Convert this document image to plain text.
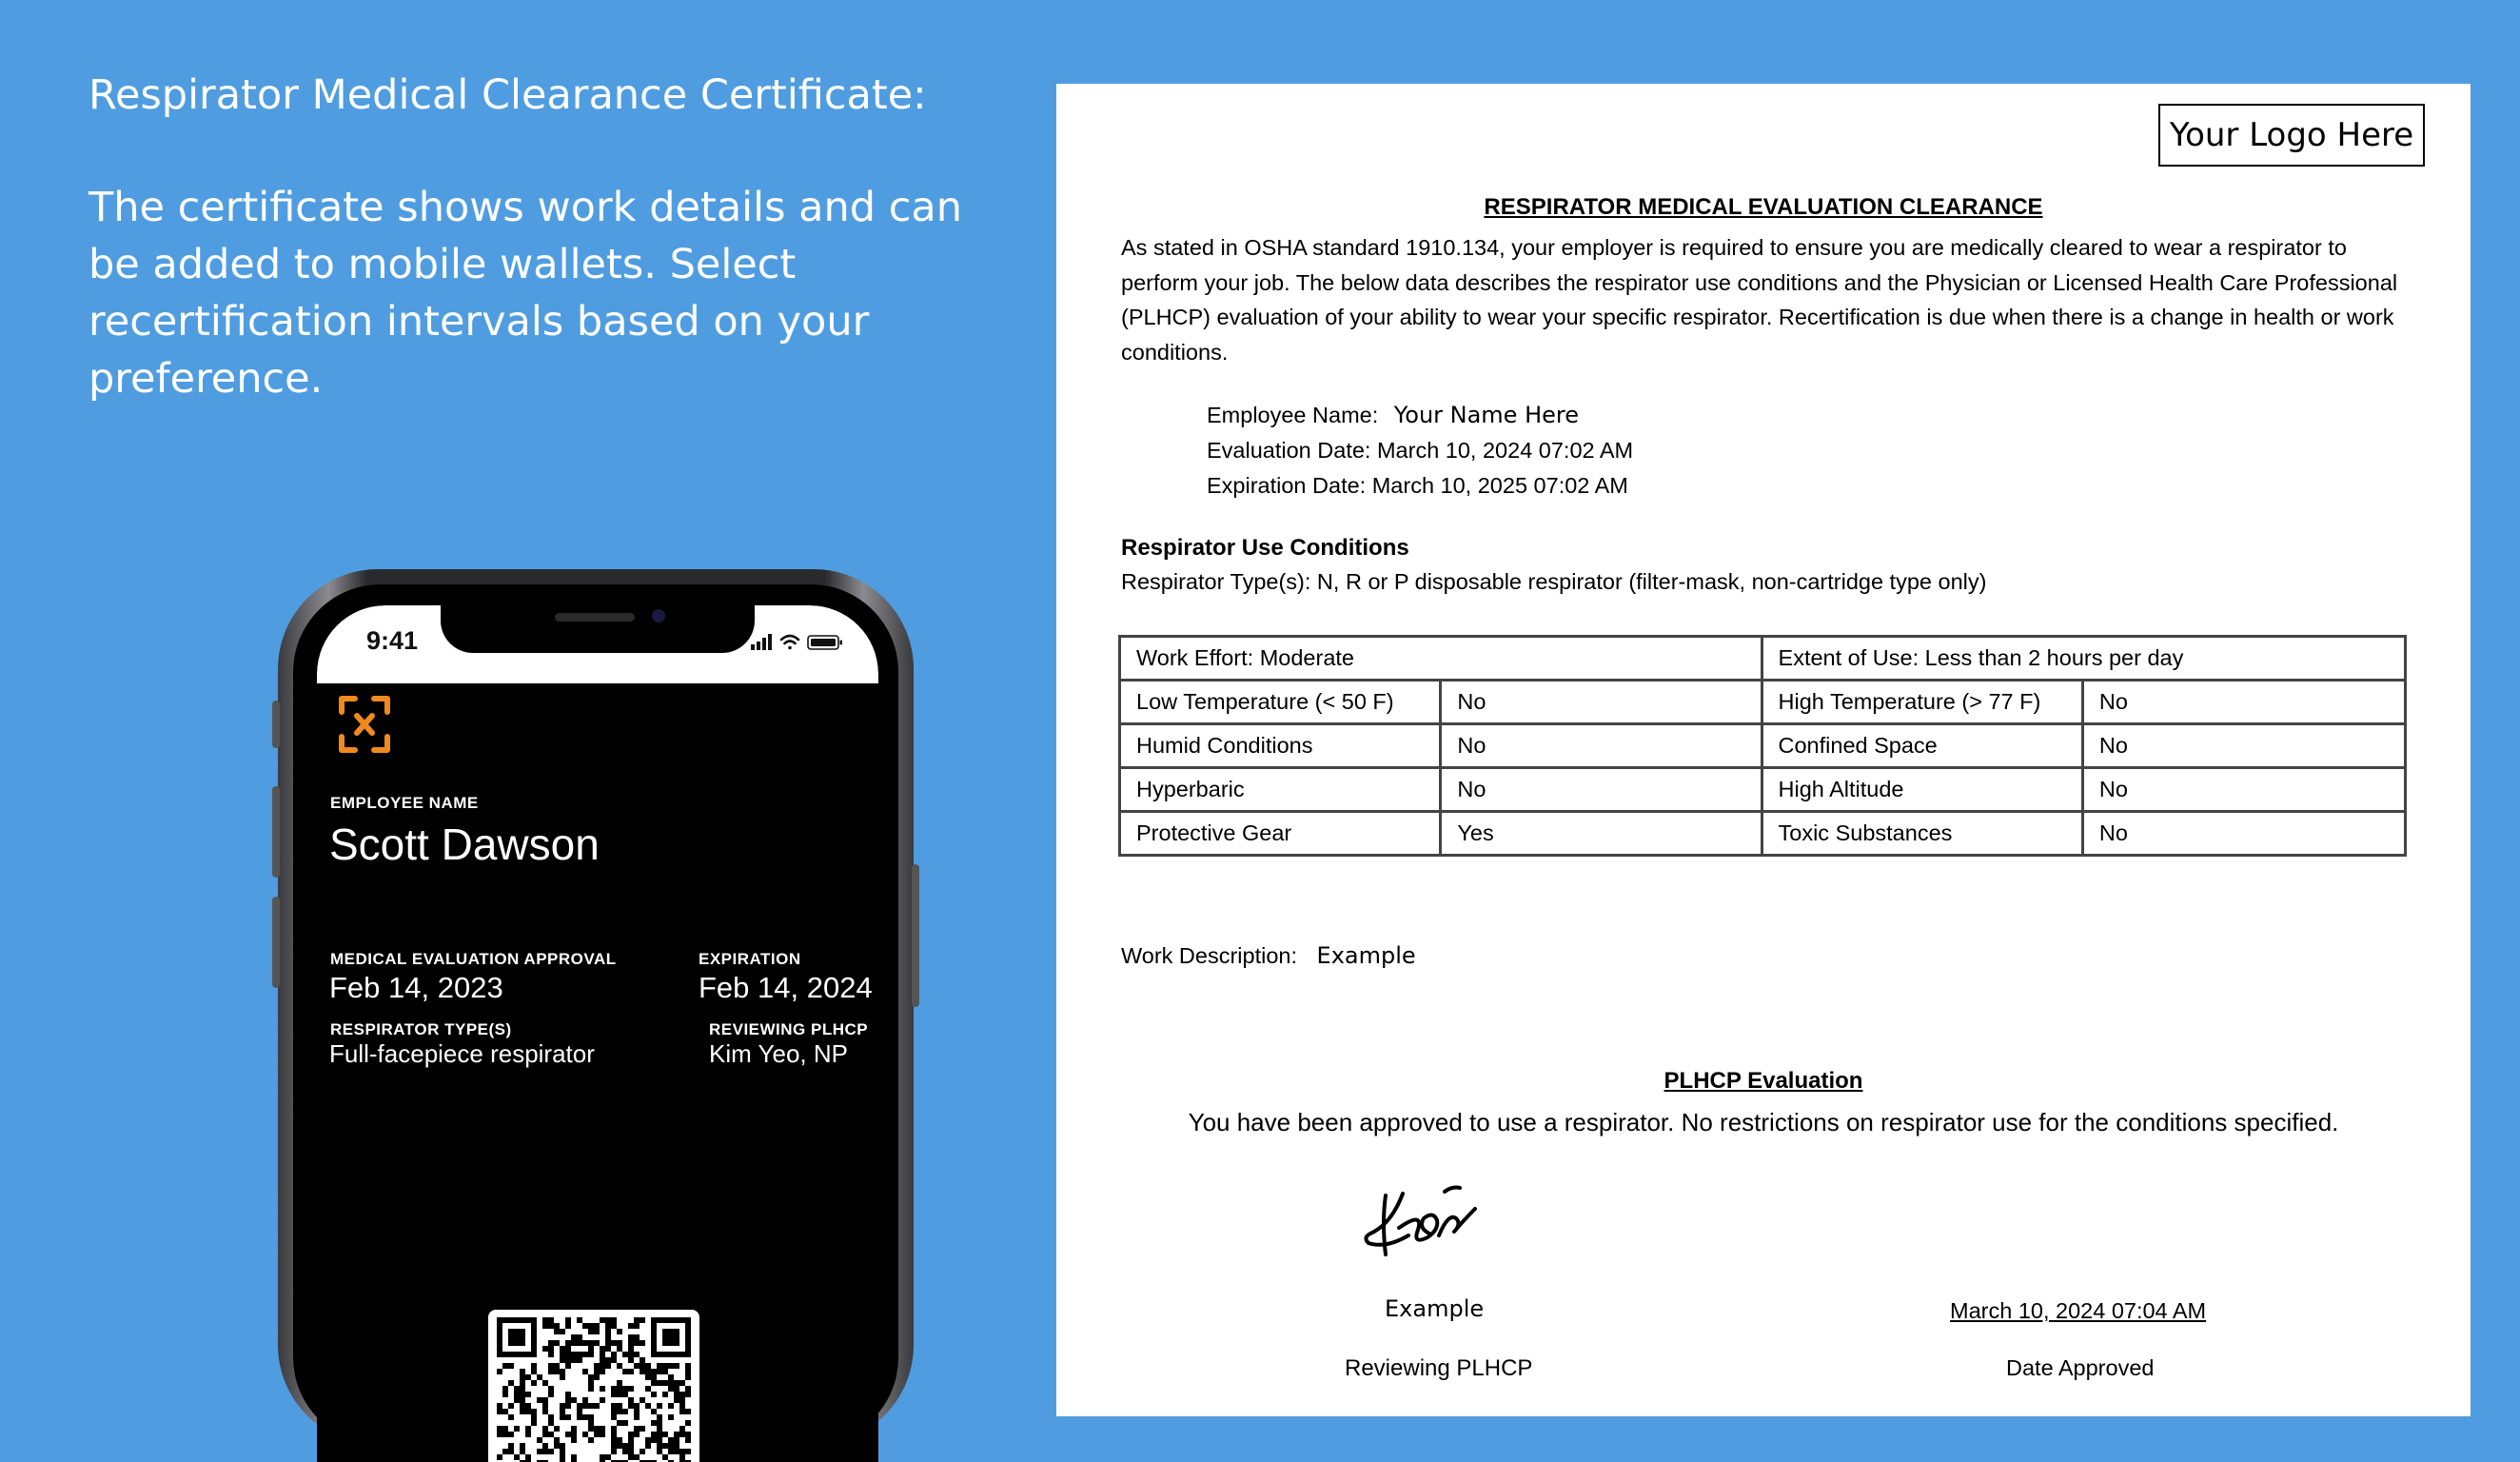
Respirator Medical Clearance Certificate:

The certificate shows work details and can be added to mobile wallets. Select recertification intervals based on your preference.

9:41
EMPLOYEE NAME
Scott Dawson
MEDICAL EVALUATION APPROVAL
Feb 14, 2023
EXPIRATION
Feb 14, 2024
RESPIRATOR TYPE(S)
Full-facepiece respirator
REVIEWING PLHCP
Kim Yeo, NP
Your Logo Here
RESPIRATOR MEDICAL EVALUATION CLEARANCE

As stated in OSHA standard 1910.134, your employer is required to ensure you are medically cleared to wear a respirator to perform your job. The below data describes the respirator use conditions and the Physician or Licensed Health Care Professional (PLHCP) evaluation of your ability to wear your specific respirator. Recertification is due when there is a change in health or work conditions.

Employee Name: Your Name Here
Evaluation Date: March 10, 2024 07:02 AM
Expiration Date: March 10, 2025 07:02 AM
Respirator Use Conditions
Respirator Type(s): N, R or P disposable respirator (filter-mask, non-cartridge type only)
Work Effort: Moderate		Extent of Use: Less than 2 hours per day	
Low Temperature (< 50 F)	No	High Temperature (> 77 F)	No
Humid Conditions	No	Confined Space	No
Hyperbaric	No	High Altitude	No
Protective Gear	Yes	Toxic Substances	No
Work Description: Example
PLHCP Evaluation
You have been approved to use a respirator. No restrictions on respirator use for the conditions specified.
Example
Reviewing PLHCP
March 10, 2024 07:04 AM
Date Approved
